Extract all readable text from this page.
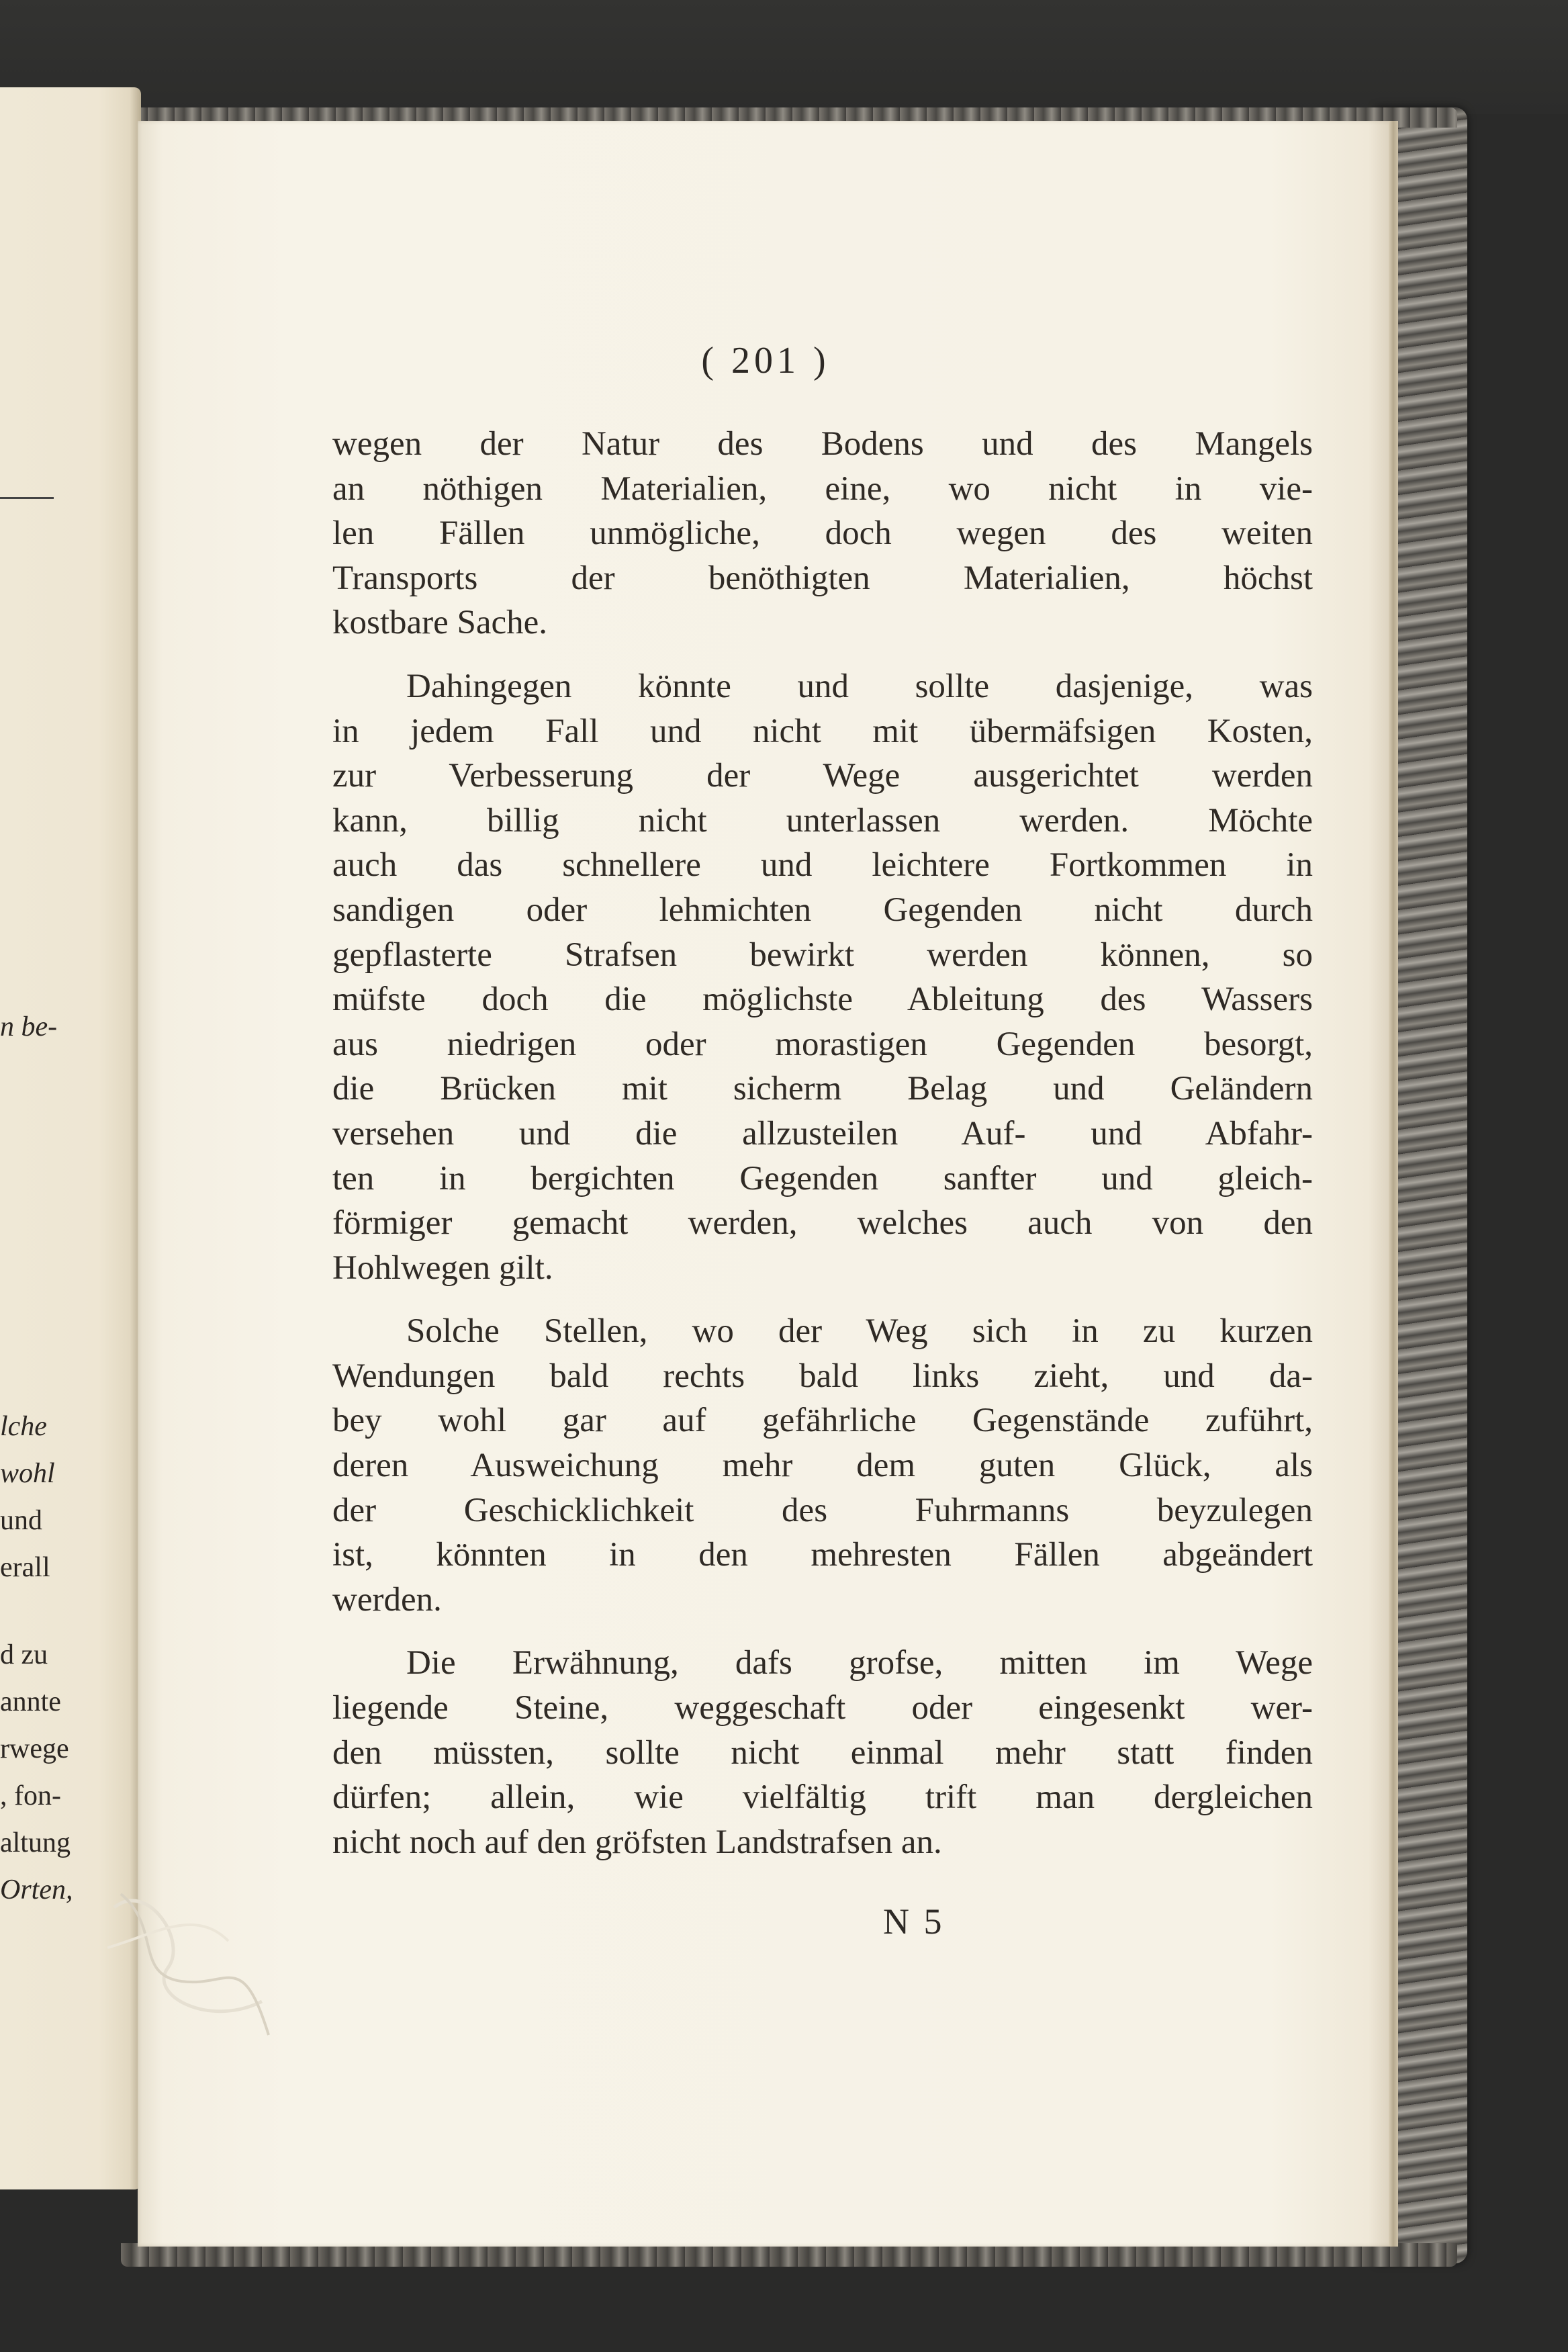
n be-
lche
wohl
und
erall
d zu
annte
rwege
, fon-
altung
Orten,
( 201 )
wegen der Natur des Bodens und des Mangels
an nöthigen Materialien, eine, wo nicht in vie-
len Fällen unmögliche, doch wegen des weiten
Transports der benöthigten Materialien, höchst
kostbare Sache.
Dahingegen könnte und sollte dasjenige, was
in jedem Fall und nicht mit übermäfsigen Kosten,
zur Verbesserung der Wege ausgerichtet werden
kann, billig nicht unterlassen werden. Möchte
auch das schnellere und leichtere Fortkommen in
sandigen oder lehmichten Gegenden nicht durch
gepflasterte Strafsen bewirkt werden können, so
müfste doch die möglichste Ableitung des Wassers
aus niedrigen oder morastigen Gegenden besorgt,
die Brücken mit sicherm Belag und Geländern
versehen und die allzusteilen Auf- und Abfahr-
ten in bergichten Gegenden sanfter und gleich-
förmiger gemacht werden, welches auch von den
Hohlwegen gilt.
Solche Stellen, wo der Weg sich in zu kurzen
Wendungen bald rechts bald links zieht, und da-
bey wohl gar auf gefährliche Gegenstände zuführt,
deren Ausweichung mehr dem guten Glück, als
der Geschicklichkeit des Fuhrmanns beyzulegen
ist, könnten in den mehresten Fällen abgeändert
werden.
Die Erwähnung, dafs grofse, mitten im Wege
liegende Steine, weggeschaft oder eingesenkt wer-
den müssten, sollte nicht einmal mehr statt finden
dürfen; allein, wie vielfältig trift man dergleichen
nicht noch auf den gröfsten Landstrafsen an.
N 5
